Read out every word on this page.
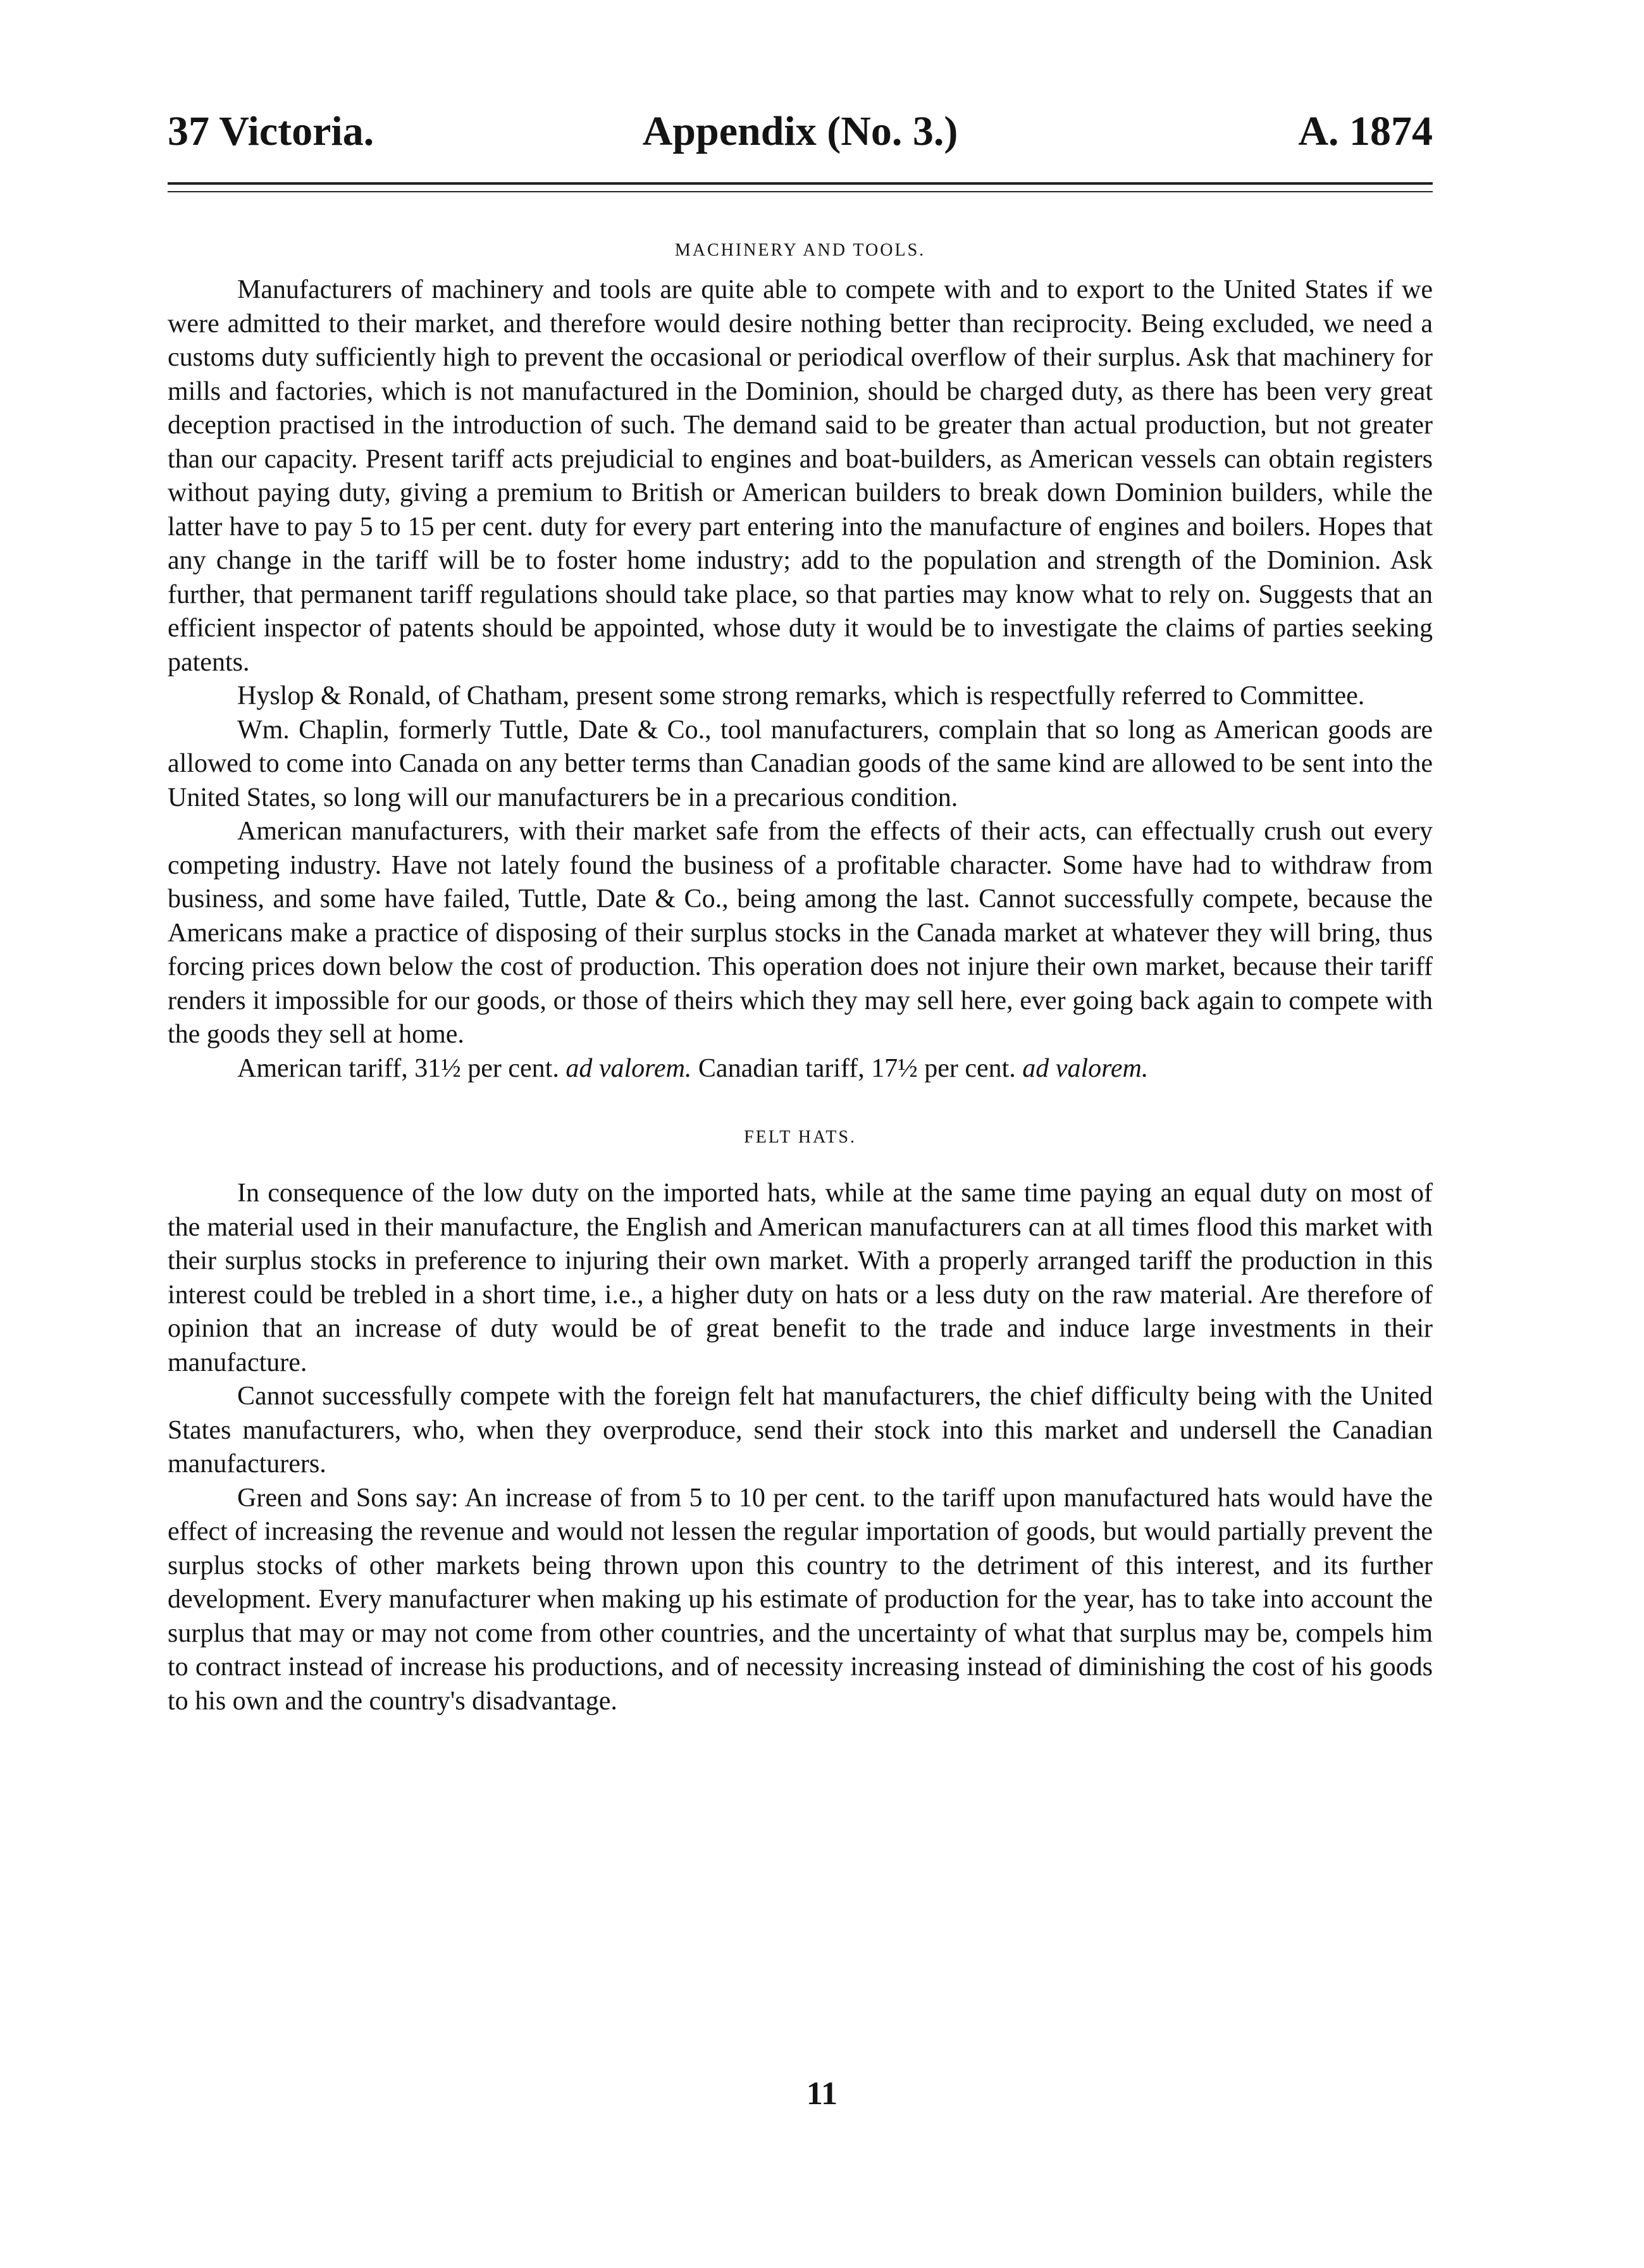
37 Victoria.	Appendix (No. 3.)	A. 1874
MACHINERY AND TOOLS.

Manufacturers of machinery and tools are quite able to compete with and to export to the United States if we were admitted to their market, and therefore would desire nothing better than reciprocity. Being excluded, we need a customs duty sufficiently high to prevent the occasional or periodical overflow of their surplus. Ask that machinery for mills and factories, which is not manufactured in the Dominion, should be charged duty, as there has been very great deception practised in the introduction of such. The demand said to be greater than actual production, but not greater than our capacity. Present tariff acts prejudicial to engines and boat-builders, as American vessels can obtain registers without paying duty, giving a premium to British or American builders to break down Dominion builders, while the latter have to pay 5 to 15 per cent. duty for every part entering into the manufacture of engines and boilers. Hopes that any change in the tariff will be to foster home industry; add to the population and strength of the Dominion. Ask further, that permanent tariff regulations should take place, so that parties may know what to rely on. Suggests that an efficient inspector of patents should be appointed, whose duty it would be to investigate the claims of parties seeking patents.

Hyslop & Ronald, of Chatham, present some strong remarks, which is respectfully referred to Committee.

Wm. Chaplin, formerly Tuttle, Date & Co., tool manufacturers, complain that so long as American goods are allowed to come into Canada on any better terms than Canadian goods of the same kind are allowed to be sent into the United States, so long will our manufacturers be in a precarious condition.

American manufacturers, with their market safe from the effects of their acts, can effectually crush out every competing industry. Have not lately found the business of a profitable character. Some have had to withdraw from business, and some have failed, Tuttle, Date & Co., being among the last. Cannot successfully compete, because the Americans make a practice of disposing of their surplus stocks in the Canada market at whatever they will bring, thus forcing prices down below the cost of production. This operation does not injure their own market, because their tariff renders it impossible for our goods, or those of theirs which they may sell here, ever going back again to compete with the goods they sell at home.

American tariff, 31½ per cent. ad valorem. Canadian tariff, 17½ per cent. ad valorem.

FELT HATS.

In consequence of the low duty on the imported hats, while at the same time paying an equal duty on most of the material used in their manufacture, the English and American manufacturers can at all times flood this market with their surplus stocks in preference to injuring their own market. With a properly arranged tariff the production in this interest could be trebled in a short time, i.e., a higher duty on hats or a less duty on the raw material. Are therefore of opinion that an increase of duty would be of great benefit to the trade and induce large investments in their manufacture.

Cannot successfully compete with the foreign felt hat manufacturers, the chief difficulty being with the United States manufacturers, who, when they overproduce, send their stock into this market and undersell the Canadian manufacturers.

Green and Sons say: An increase of from 5 to 10 per cent. to the tariff upon manufactured hats would have the effect of increasing the revenue and would not lessen the regular importation of goods, but would partially prevent the surplus stocks of other markets being thrown upon this country to the detriment of this interest, and its further development. Every manufacturer when making up his estimate of production for the year, has to take into account the surplus that may or may not come from other countries, and the uncertainty of what that surplus may be, compels him to contract instead of increase his productions, and of necessity increasing instead of diminishing the cost of his goods to his own and the country's disadvantage.

11
